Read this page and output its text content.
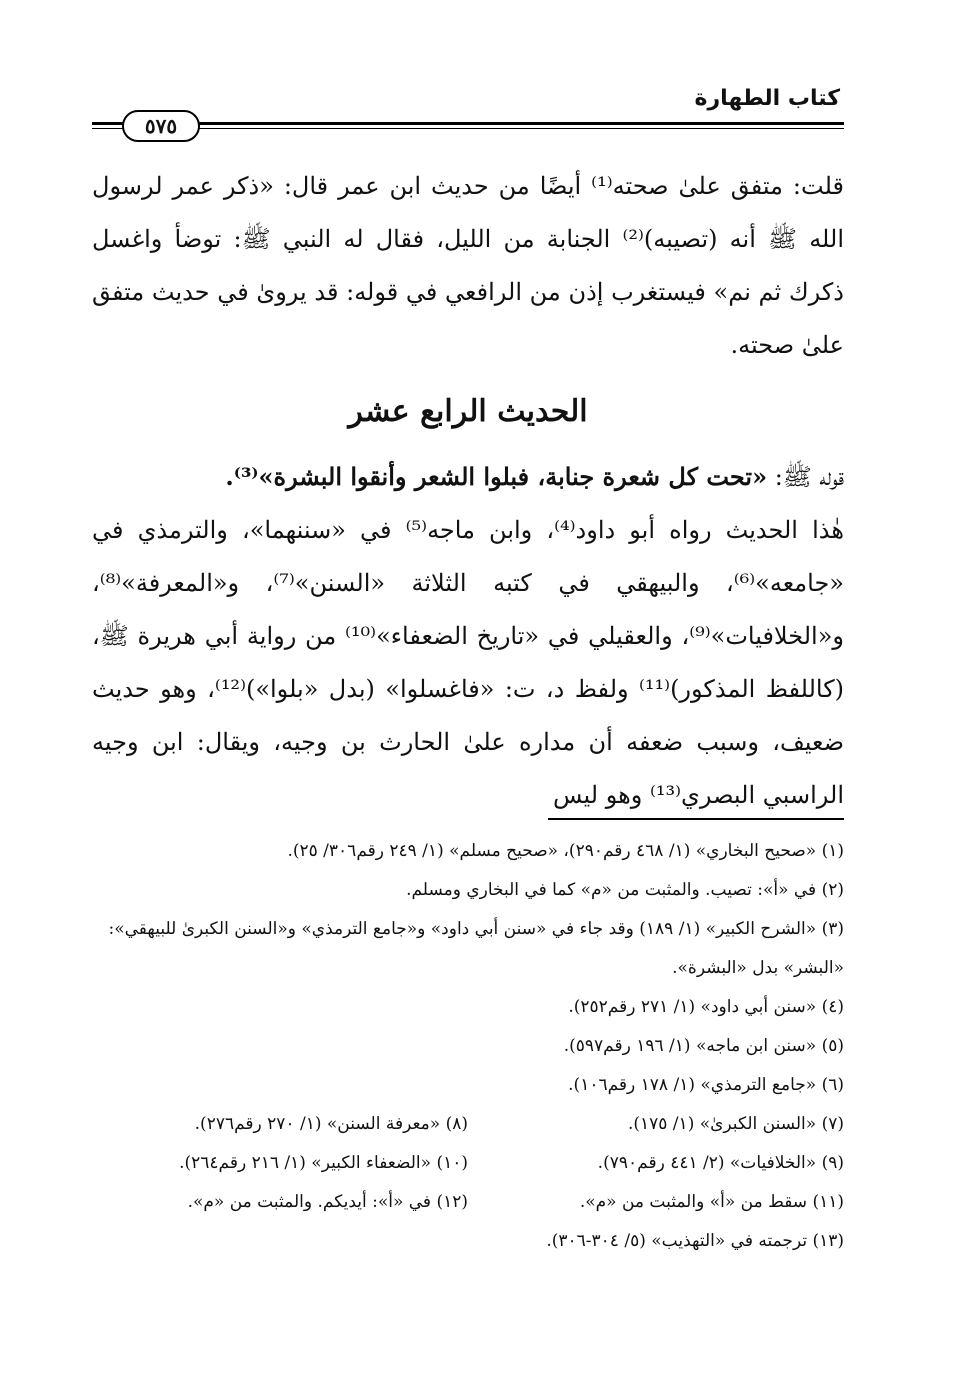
كتاب الطهارة
٥٧٥

قلت: متفق علىٰ صحته⁽¹⁾ أيضًا من حديث ابن عمر قال: «ذكر عمر لرسول الله ﷺ أنه (تصيبه)⁽²⁾ الجنابة من الليل، فقال له النبي ﷺ: توضأ واغسل ذكرك ثم نم» فيستغرب إذن من الرافعي في قوله: قد يروىٰ في حديث متفق علىٰ صحته.

الحديث الرابع عشر

قوله ﷺ: «تحت كل شعرة جنابة، فبلوا الشعر وأنقوا البشرة»⁽³⁾.

هٰذا الحديث رواه أبو داود⁽⁴⁾، وابن ماجه⁽⁵⁾ في «سننهما»، والترمذي في «جامعه»⁽⁶⁾، والبيهقي في كتبه الثلاثة «السنن»⁽⁷⁾، و«المعرفة»⁽⁸⁾، و«الخلافيات»⁽⁹⁾، والعقيلي في «تاريخ الضعفاء»⁽¹⁰⁾ من رواية أبي هريرة ﷺ، (كاللفظ المذكور)⁽¹¹⁾ ولفظ د، ت: «فاغسلوا» (بدل «بلوا»)⁽¹²⁾، وهو حديث ضعيف، وسبب ضعفه أن مداره علىٰ الحارث بن وجيه، ويقال: ابن وجيه الراسبي البصري⁽¹³⁾ وهو ليس

(١) «صحيح البخاري» (١/ ٤٦٨ رقم٢٩٠)، «صحيح مسلم» (١/ ٢٤٩ رقم٣٠٦/ ٢٥).

(٢) في «أ»: تصيب. والمثبت من «م» كما في البخاري ومسلم.

(٣) «الشرح الكبير» (١/ ١٨٩) وقد جاء في «سنن أبي داود» و«جامع الترمذي» و«السنن الكبرىٰ للبيهقي»: «البشر» بدل «البشرة».

(٤) «سنن أبي داود» (١/ ٢٧١ رقم٢٥٢).

(٥) «سنن ابن ماجه» (١/ ١٩٦ رقم٥٩٧).

(٦) «جامع الترمذي» (١/ ١٧٨ رقم١٠٦).

(٧) «السنن الكبرىٰ» (١/ ١٧٥).

(٨) «معرفة السنن» (١/ ٢٧٠ رقم٢٧٦).

(٩) «الخلافيات» (٢/ ٤٤١ رقم٧٩٠).

(١٠) «الضعفاء الكبير» (١/ ٢١٦ رقم٢٦٤).

(١١) سقط من «أ» والمثبت من «م».

(١٢) في «أ»: أيديكم. والمثبت من «م».

(١٣) ترجمته في «التهذيب» (٥/ ٣٠٤-٣٠٦).
